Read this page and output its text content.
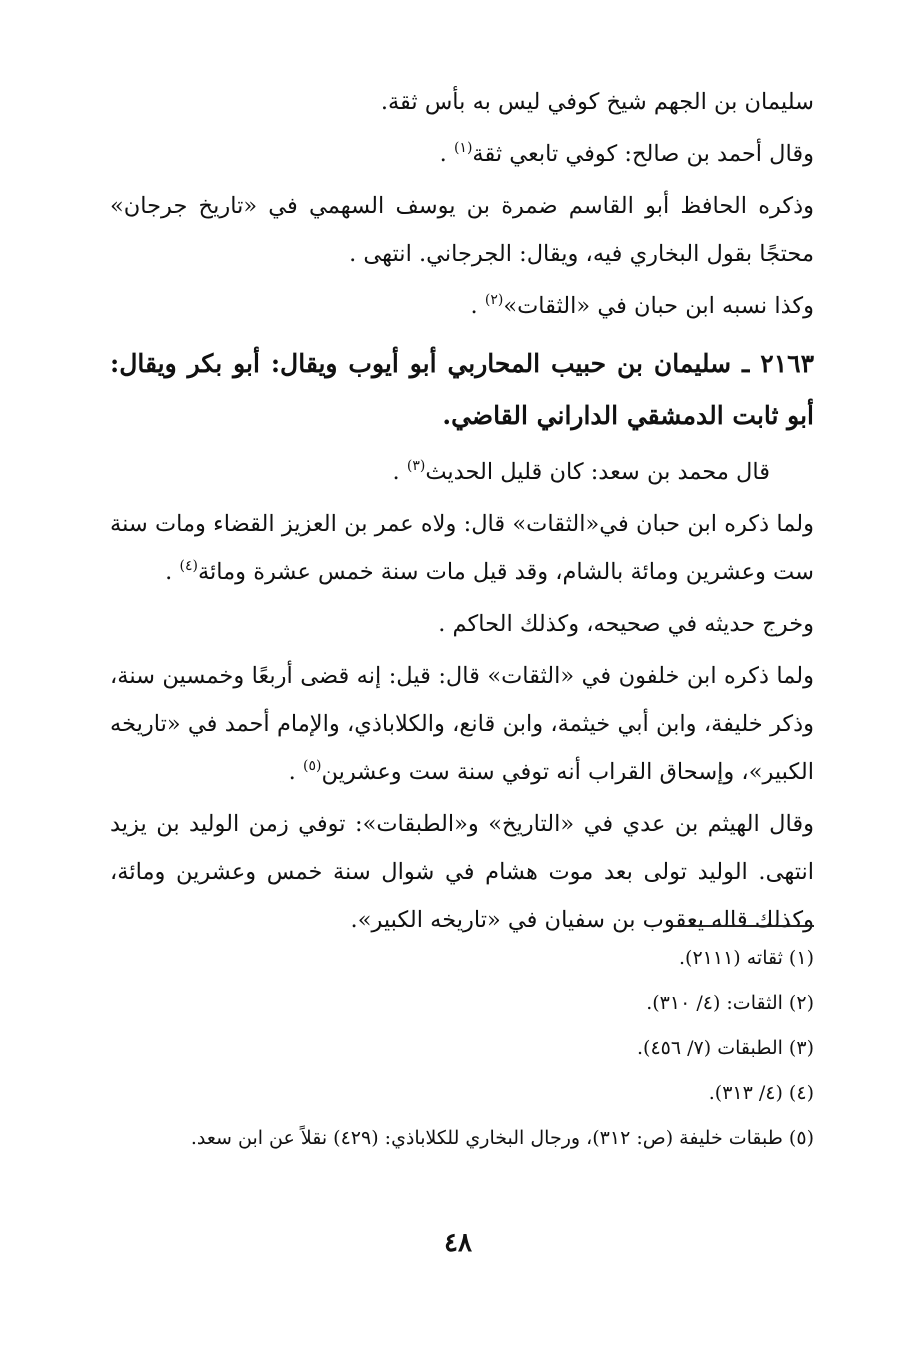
سليمان بن الجهم شيخ كوفي ليس به بأس ثقة.

وقال أحمد بن صالح: كوفي تابعي ثقة$^{(١)}$ .

وذكره الحافظ أبو القاسم ضمرة بن يوسف السهمي في «تاريخ جرجان» محتجًا بقول البخاري فيه، ويقال: الجرجاني. انتهى .

وكذا نسبه ابن حبان في «الثقات»$^{(٢)}$ .

٢١٦٣ ـ سليمان بن حبيب المحاربي أبو أيوب ويقال: أبو بكر ويقال: أبو ثابت الدمشقي الداراني القاضي.

قال محمد بن سعد: كان قليل الحديث$^{(٣)}$ .

ولما ذكره ابن حبان في«الثقات» قال: ولاه عمر بن العزيز القضاء ومات سنة ست وعشرين ومائة بالشام، وقد قيل مات سنة خمس عشرة ومائة$^{(٤)}$ .

وخرج حديثه في صحيحه، وكذلك الحاكم .

ولما ذكره ابن خلفون في «الثقات» قال: قيل: إنه قضى أربعًا وخمسين سنة، وذكر خليفة، وابن أبي خيثمة، وابن قانع، والكلاباذي، والإمام أحمد في «تاريخه الكبير»، وإسحاق القراب أنه توفي سنة ست وعشرين$^{(٥)}$ .

وقال الهيثم بن عدي في «التاريخ» و«الطبقات»: توفي زمن الوليد بن يزيد انتهى. الوليد تولى بعد موت هشام في شوال سنة خمس وعشرين ومائة، وكذلك قاله يعقوب بن سفيان في «تاريخه الكبير».

(١) ثقاته (٢١١١).

(٢) الثقات: (٤/ ٣١٠).

(٣) الطبقات (٧/ ٤٥٦).

(٤) (٤/ ٣١٣).

(٥) طبقات خليفة (ص: ٣١٢)، ورجال البخاري للكلاباذي: (٤٢٩) نقلاً عن ابن سعد.

٤٨
